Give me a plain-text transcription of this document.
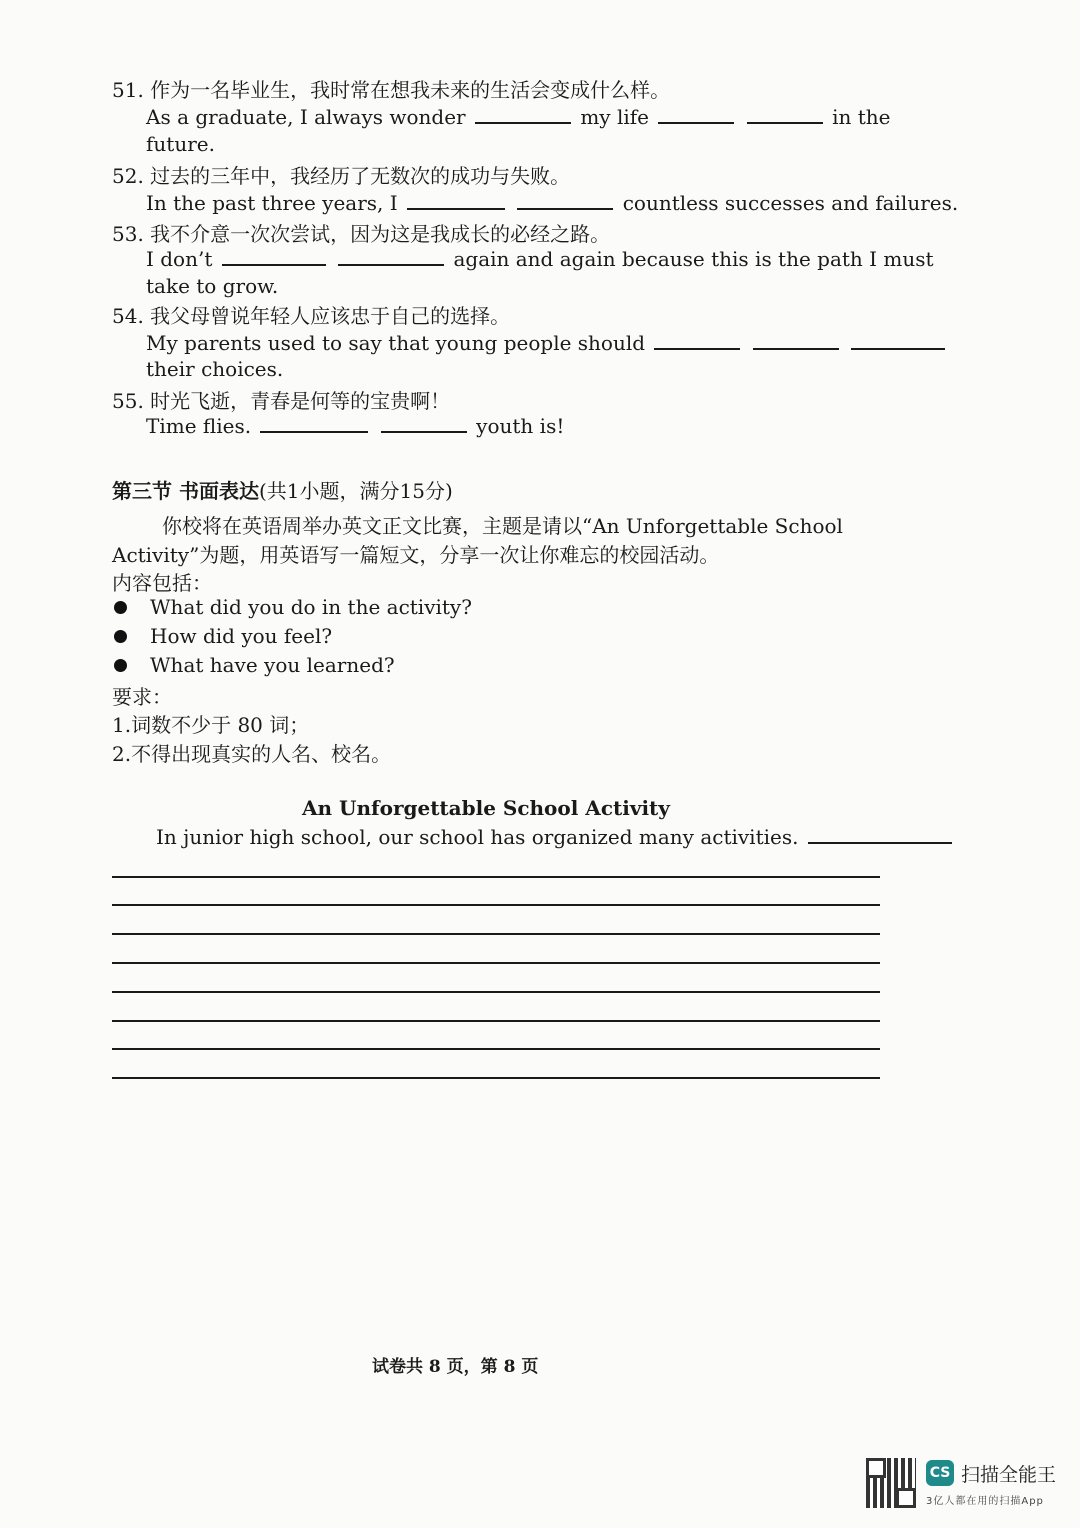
51. 作为一名毕业生，我时常在想我未来的生活会变成什么样。
As a graduate, I always wonder	my life	in the
future.
52. 过去的三年中，我经历了无数次的成功与失败。
In the past three years, I	countless successes and failures.
53. 我不介意一次次尝试，因为这是我成长的必经之路。
I don’t	again and again because this is the path I must
take to grow.
54. 我父母曾说年轻人应该忠于自己的选择。
My parents used to say that young people should
their choices.
55. 时光飞逝，青春是何等的宝贵啊！
Time flies.	youth is!
第三节 书面表达(共1小题，满分15分)
你校将在英语周举办英文正文比赛，主题是请以“An Unforgettable School
Activity”为题，用英语写一篇短文，分享一次让你难忘的校园活动。
内容包括：
What did you do in the activity?
How did you feel?
What have you learned?
要求：
1.词数不少于 80 词；
2.不得出现真实的人名、校名。
An Unforgettable School Activity
In junior high school, our school has organized many activities.
试卷共 8 页，第 8 页
CS 扫描全能王
3亿人都在用的扫描App
